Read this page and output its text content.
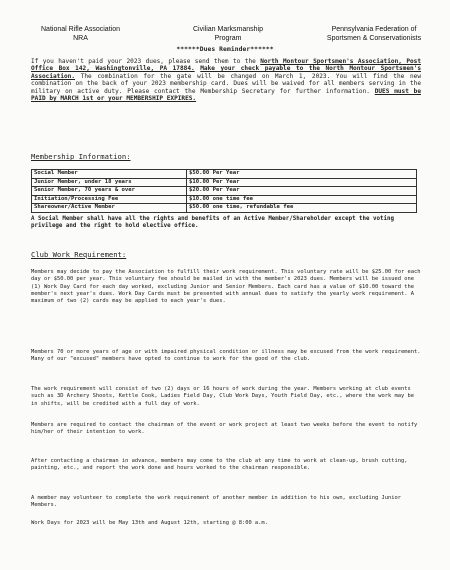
National Rifle Association
NRA
Civilian Marksmanship
Program
Pennsylvania Federation of
Sportsmen & Conservationists
******Dues Reminder******
If you haven't paid your 2023 dues, please send them to the North Montour Sportsmen's Association, Post Office Box 142, Washingtonville, PA 17884. Make your check payable to the North Montour Sportsmen's Association. The combination for the gate will be changed on March 1, 2023. You will find the new combination on the back of your 2023 membership card. Dues will be waived for all members serving in the military on active duty. Please contact the Membership Secretary for further information. DUES must be PAID by MARCH 1st or your MEMBERSHIP EXPIRES.
Membership Information:
Social Member	$50.00 Per Year
Junior Member, under 18 years	$10.00 Per Year
Senior Member, 70 years & over	$20.00 Per Year
Initiation/Processing Fee	$10.00 one time fee
Shareowner/Active Member	$50.00 one time, refundable fee
A Social Member shall have all the rights and benefits of an Active Member/Shareholder except the voting privilege and the right to hold elective office.
Club Work Requirement:
Members may decide to pay the Association to fulfill their work requirement. This voluntary rate will be $25.00 for each day or $50.00 per year. This voluntary fee should be mailed in with the member's 2023 dues. Members will be issued one (1) Work Day Card for each day worked, excluding Junior and Senior Members. Each card has a value of $10.00 toward the member's next year's dues. Work Day Cards must be presented with annual dues to satisfy the yearly work requirement. A maximum of two (2) cards may be applied to each year's dues.
Members 70 or more years of age or with impaired physical condition or illness may be excused from the work requirement. Many of our "excused" members have opted to continue to work for the good of the club.
The work requirement will consist of two (2) days or 16 hours of work during the year. Members working at club events such as 3D Archery Shoots, Kettle Cook, Ladies Field Day, Club Work Days, Youth Field Day, etc., where the work may be in shifts, will be credited with a full day of work.
Members are required to contact the chairman of the event or work project at least two weeks before the event to notify him/her of their intention to work.
After contacting a chairman in advance, members may come to the club at any time to work at clean-up, brush cutting, painting, etc., and report the work done and hours worked to the chairman responsible.
A member may volunteer to complete the work requirement of another member in addition to his own, excluding Junior Members.
Work Days for 2023 will be May 13th and August 12th, starting @ 8:00 a.m.
